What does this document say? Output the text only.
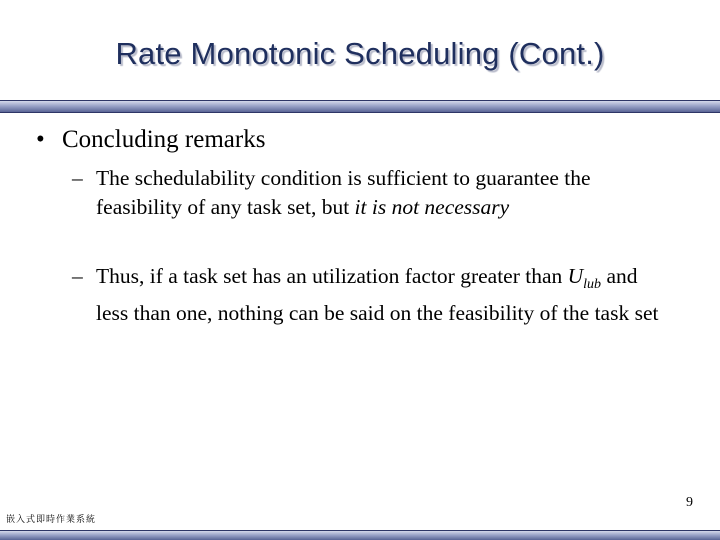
Rate Monotonic Scheduling (Cont.)
• Concluding remarks
– The schedulability condition is sufficient to guarantee the feasibility of any task set, but it is not necessary
– Thus, if a task set has an utilization factor greater than $U_{lub}$ and less than one, nothing can be said on the feasibility of the task set
9
嵌入式即時作業系統
